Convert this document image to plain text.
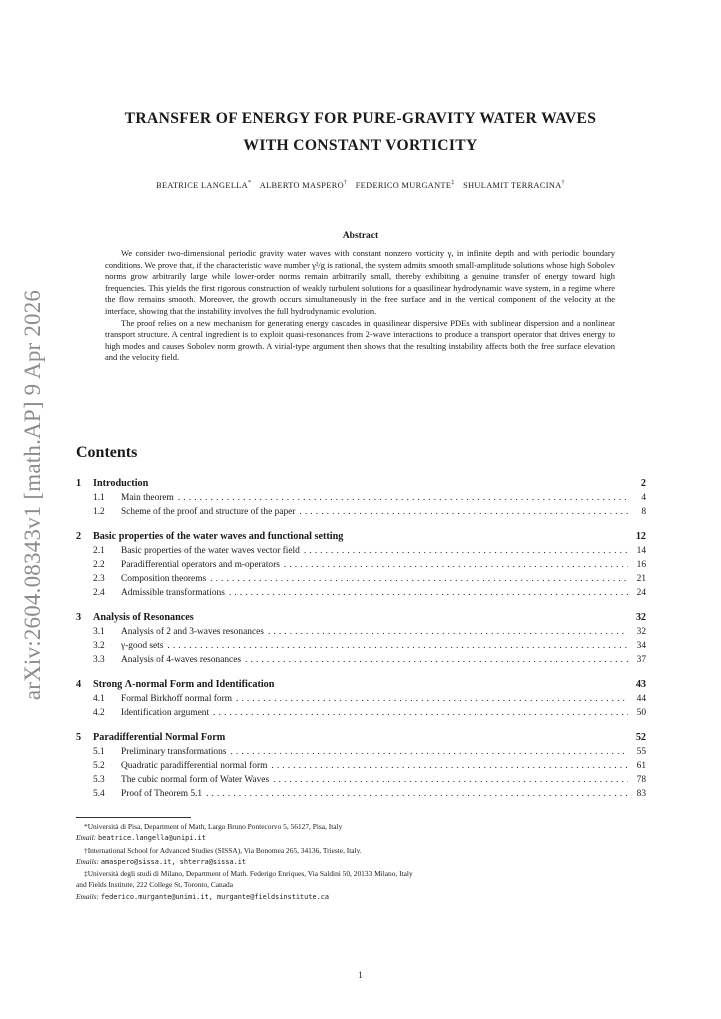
arXiv:2604.08343v1 [math.AP] 9 Apr 2026
TRANSFER OF ENERGY FOR PURE-GRAVITY WATER WAVES
WITH CONSTANT VORTICITY
BEATRICE LANGELLA* ALBERTO MASPERO† FEDERICO MURGANTE‡ SHULAMIT TERRACINA†
Abstract

We consider two-dimensional periodic gravity water waves with constant nonzero vorticity γ, in infinite depth and with periodic boundary conditions. We prove that, if the characteristic wave number γ²/g is rational, the system admits smooth small-amplitude solutions whose high Sobolev norms grow arbitrarily large while lower-order norms remain arbitrarily small, thereby exhibiting a genuine transfer of energy toward high frequencies. This yields the first rigorous construction of weakly turbulent solutions for a quasilinear hydrodynamic wave system, in a regime where the flow remains smooth. Moreover, the growth occurs simultaneously in the free surface and in the vertical component of the velocity at the interface, showing that the instability involves the full hydrodynamic evolution.

The proof relies on a new mechanism for generating energy cascades in quasilinear dispersive PDEs with sublinear dispersion and a nonlinear transport structure. A central ingredient is to exploit quasi-resonances from 2-wave interactions to produce a transport operator that drives energy to high modes and causes Sobolev norm growth. A virial-type argument then shows that the resulting instability affects both the free surface elevation and the velocity field.

Contents
1	Introduction	2
1.1	Main theorem .....	4
1.2	Scheme of the proof and structure of the paper .....	8
2	Basic properties of the water waves and functional setting	12
2.1	Basic properties of the water waves vector field .....	14
2.2	Paradifferential operators and m-operators .....	16
2.3	Composition theorems .....	21
2.4	Admissible transformations .....	24
3	Analysis of Resonances	32
3.1	Analysis of 2 and 3-waves resonances .....	32
3.2	γ-good sets .....	34
3.3	Analysis of 4-waves resonances .....	37
4	Strong Λ-normal Form and Identification	43
4.1	Formal Birkhoff normal form .....	44
4.2	Identification argument .....	50
5	Paradifferential Normal Form	52
5.1	Preliminary transformations .....	55
5.2	Quadratic paradifferential normal form .....	61
5.3	The cubic normal form of Water Waves .....	78
5.4	Proof of Theorem 5.1 .....	83
*Università di Pisa, Department of Math, Largo Bruno Pontecorvo 5, 56127, Pisa, Italy
Email: beatrice.langella@unipi.it
†International School for Advanced Studies (SISSA), Via Bonomea 265, 34136, Trieste, Italy.
Emails: amaspero@sissa.it, shterra@sissa.it
‡Università degli studi di Milano, Department of Math. Federigo Enriques, Via Saldini 50, 20133 Milano, Italy
and Fields Institute, 222 College St, Toronto, Canada
Emails: federico.murgante@unimi.it, murgante@fieldsinstitute.ca
1
